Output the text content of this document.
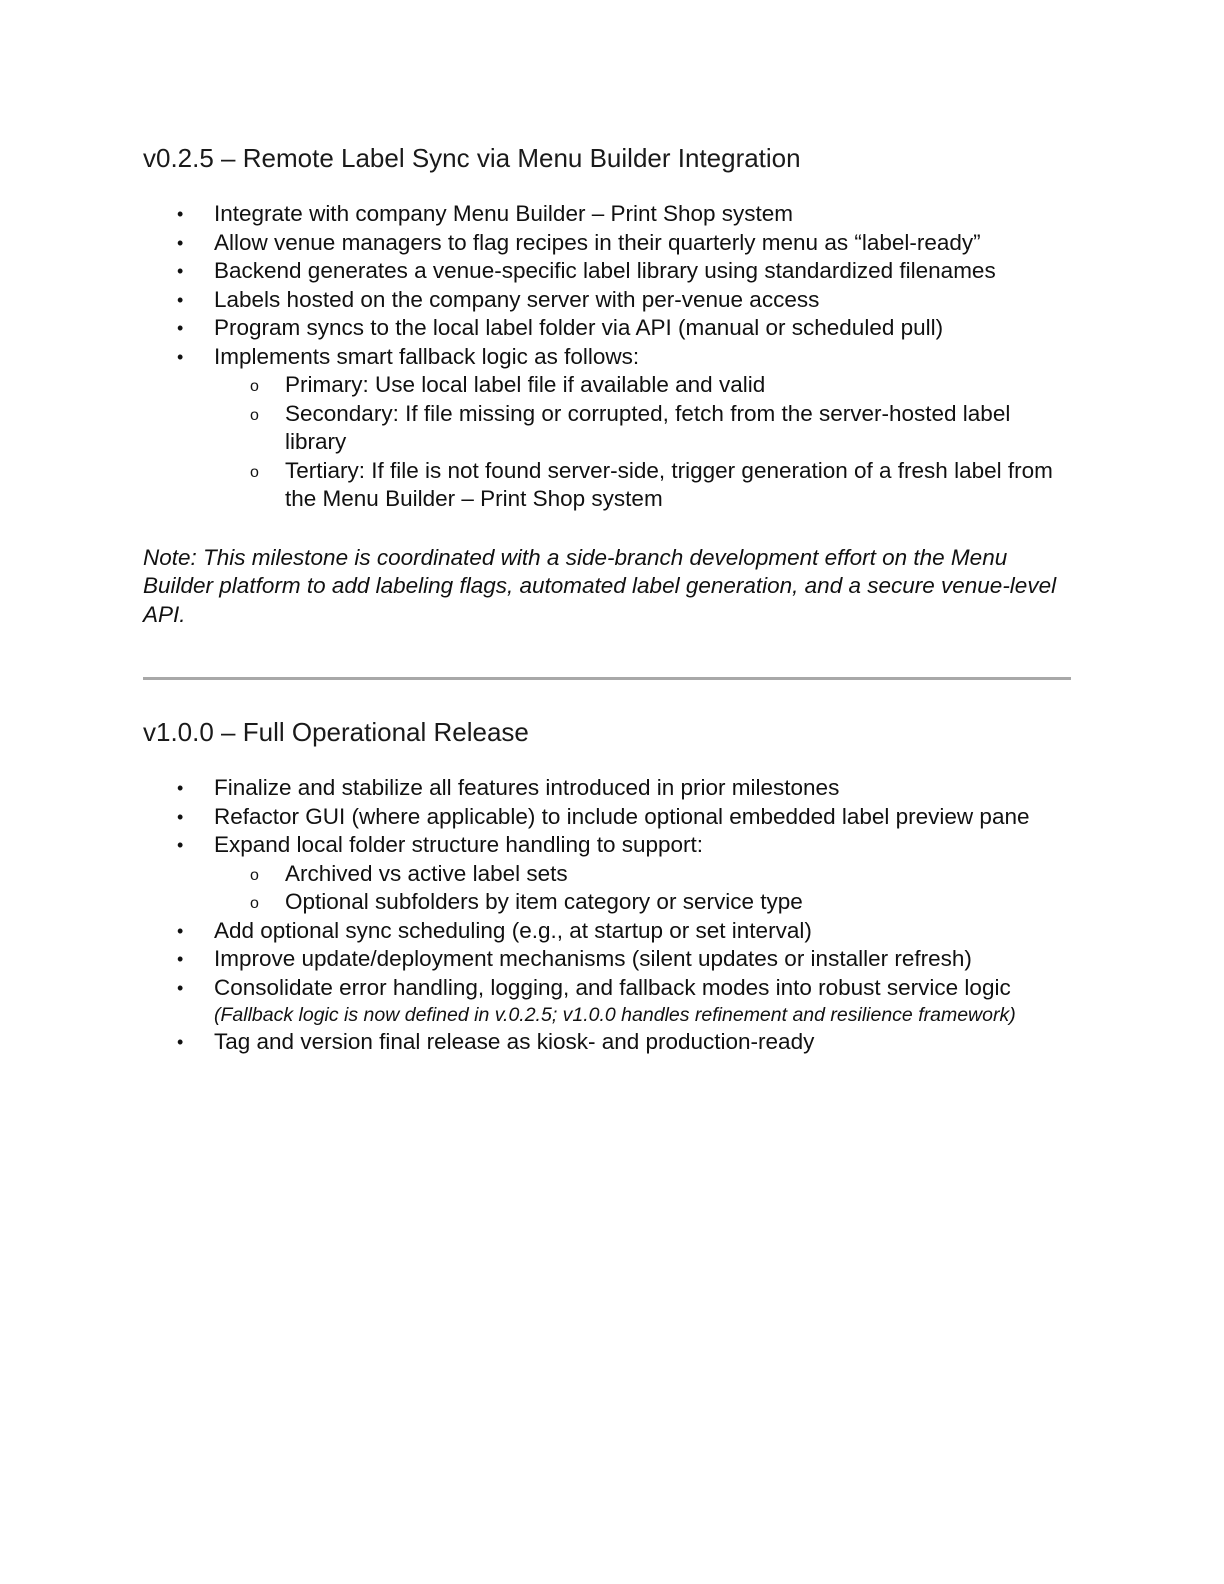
v0.2.5 – Remote Label Sync via Menu Builder Integration
• Integrate with company Menu Builder – Print Shop system
• Allow venue managers to flag recipes in their quarterly menu as “label-ready”
• Backend generates a venue-specific label library using standardized filenames
• Labels hosted on the company server with per-venue access
• Program syncs to the local label folder via API (manual or scheduled pull)
• Implements smart fallback logic as follows:
o Primary: Use local label file if available and valid
o Secondary: If file missing or corrupted, fetch from the server-hosted label library
o Tertiary: If file is not found server-side, trigger generation of a fresh label from the Menu Builder – Print Shop system

Note: This milestone is coordinated with a side-branch development effort on the Menu Builder platform to add labeling flags, automated label generation, and a secure venue-level API.

v1.0.0 – Full Operational Release
• Finalize and stabilize all features introduced in prior milestones
• Refactor GUI (where applicable) to include optional embedded label preview pane
• Expand local folder structure handling to support:
o Archived vs active label sets
o Optional subfolders by item category or service type
• Add optional sync scheduling (e.g., at startup or set interval)
• Improve update/deployment mechanisms (silent updates or installer refresh)
• Consolidate error handling, logging, and fallback modes into robust service logic
(Fallback logic is now defined in v.0.2.5; v1.0.0 handles refinement and resilience framework)
• Tag and version final release as kiosk- and production-ready
